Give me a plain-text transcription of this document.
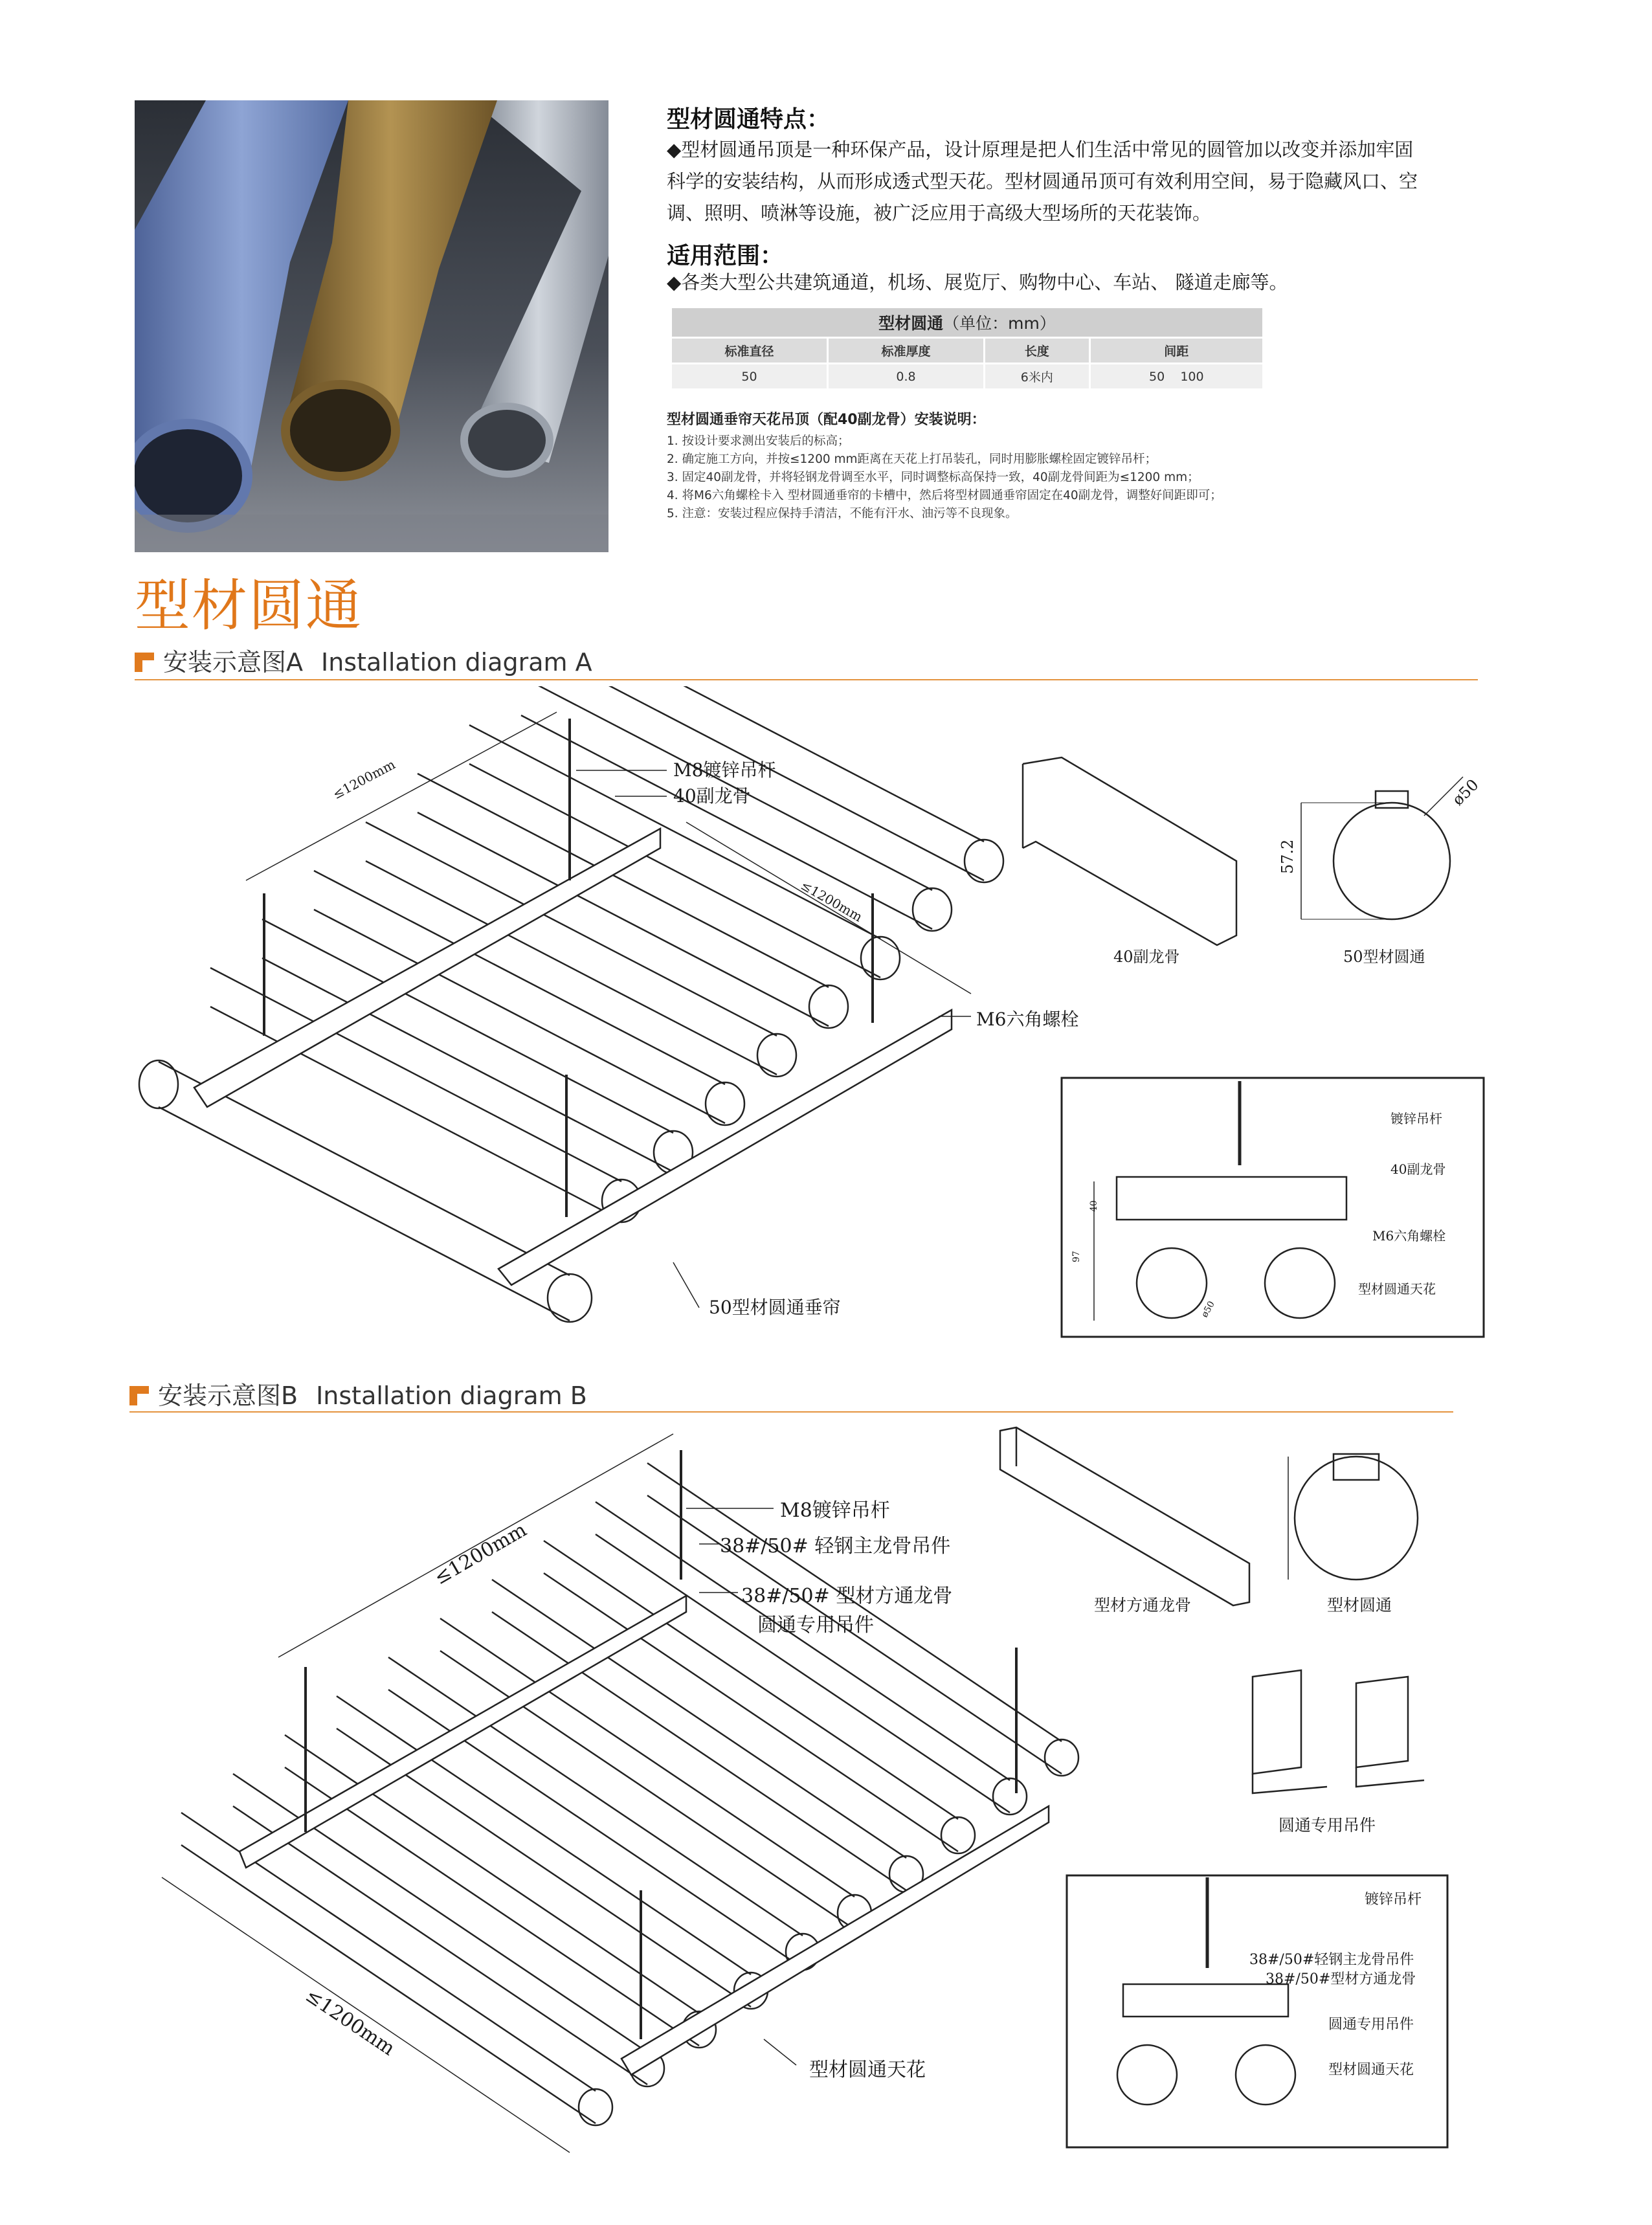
型材圆通特点：
◆型材圆通吊顶是一种环保产品，设计原理是把人们生活中常见的圆管加以改变并添加牢固
科学的安装结构，从而形成透式型天花。型材圆通吊顶可有效利用空间，易于隐藏风口、空
调、照明、喷淋等设施，被广泛应用于高级大型场所的天花装饰。
适用范围：
◆各类大型公共建筑通道，机场、展览厅、购物中心、车站、 隧道走廊等。
型材圆通（单位：mm）			
标准直径	标准厚度	长度	间距
50	0.8	6米内	50    100
型材圆通垂帘天花吊顶（配40副龙骨）安装说明：
1. 按设计要求测出安装后的标高；
2. 确定施工方向，并按≤1200 mm距离在天花上打吊装孔，同时用膨胀螺栓固定镀锌吊杆；
3. 固定40副龙骨，并将轻钢龙骨调至水平，同时调整标高保持一致，40副龙骨间距为≤1200 mm；
4. 将M6六角螺栓卡入 型材圆通垂帘的卡槽中，然后将型材圆通垂帘固定在40副龙骨，调整好间距即可；
5. 注意：安装过程应保持手清洁，不能有汗水、油污等不良现象。
型材圆通
安装示意图A Installation diagram A
≤1200mm
≤1200mm
M8镀锌吊杆
40副龙骨
M6六角螺栓
50型材圆通垂帘
40副龙骨	50型材圆通
57.2
ø50
镀锌吊杆
40副龙骨
M6六角螺栓
型材圆通天花
40
97
ø50
安装示意图B Installation diagram B
≤1200mm
≤1200mm
M8镀锌吊杆
38#/50# 轻钢主龙骨吊件
38#/50# 型材方通龙骨
圆通专用吊件
型材圆通天花
型材方通龙骨	型材圆通
圆通专用吊件
镀锌吊杆
38#/50#轻钢主龙骨吊件
38#/50#型材方通龙骨
圆通专用吊件
型材圆通天花
